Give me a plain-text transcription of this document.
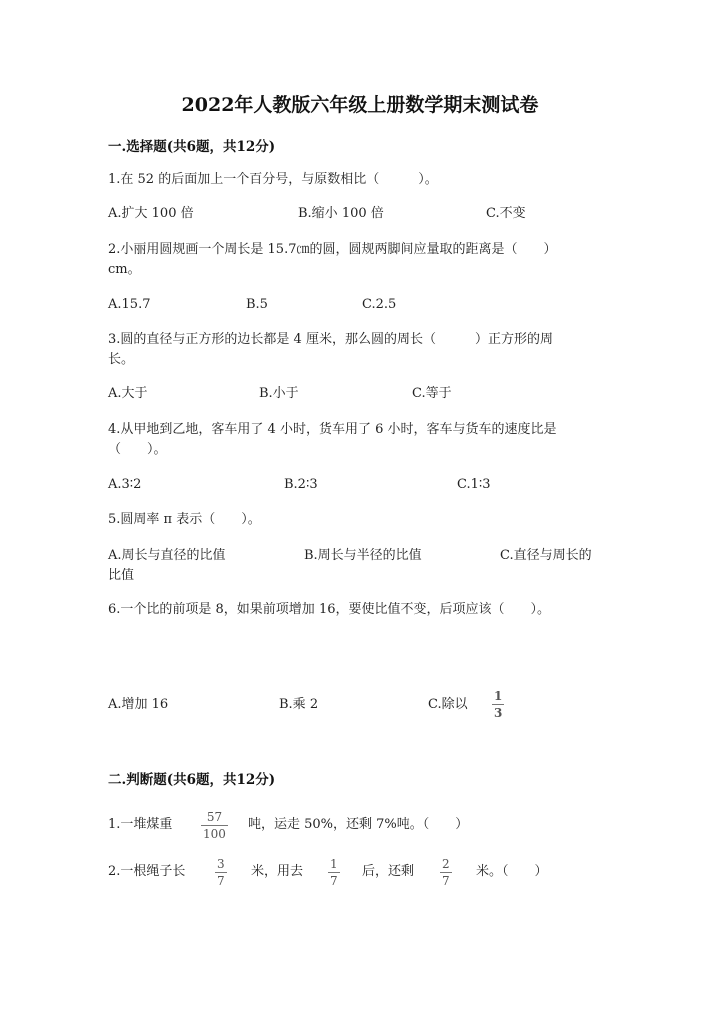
2022年人教版六年级上册数学期末测试卷
一.选择题(共6题，共12分)
1.在 52 的后面加上一个百分号，与原数相比（　　　）。
A.扩大 100 倍	B.缩小 100 倍	C.不变
2.小丽用圆规画一个周长是 15.7㎝的圆，圆规两脚间应量取的距离是（　　）
cm。
A.15.7	B.5	C.2.5
3.圆的直径与正方形的边长都是 4 厘米，那么圆的周长（　　　）正方形的周
长。
A.大于	B.小于	C.等于
4.从甲地到乙地，客车用了 4 小时，货车用了 6 小时，客车与货车的速度比是
（　　）。
A.3∶2	B.2∶3	C.1∶3
5.圆周率 π 表示（　　）。
A.周长与直径的比值	B.周长与半径的比值	C.直径与周长的
比值
6.一个比的前项是 8，如果前项增加 16，要使比值不变，后项应该（　　）。
A.增加 16	B.乘 2	C.除以
1
3
二.判断题(共6题，共12分)
1.一堆煤重	57
100
吨，运走 50%，还剩 7%吨。（　　）
2.一根绳子长	3
7
米，用去 1
7
后，还剩 2
7
米。（　　）
